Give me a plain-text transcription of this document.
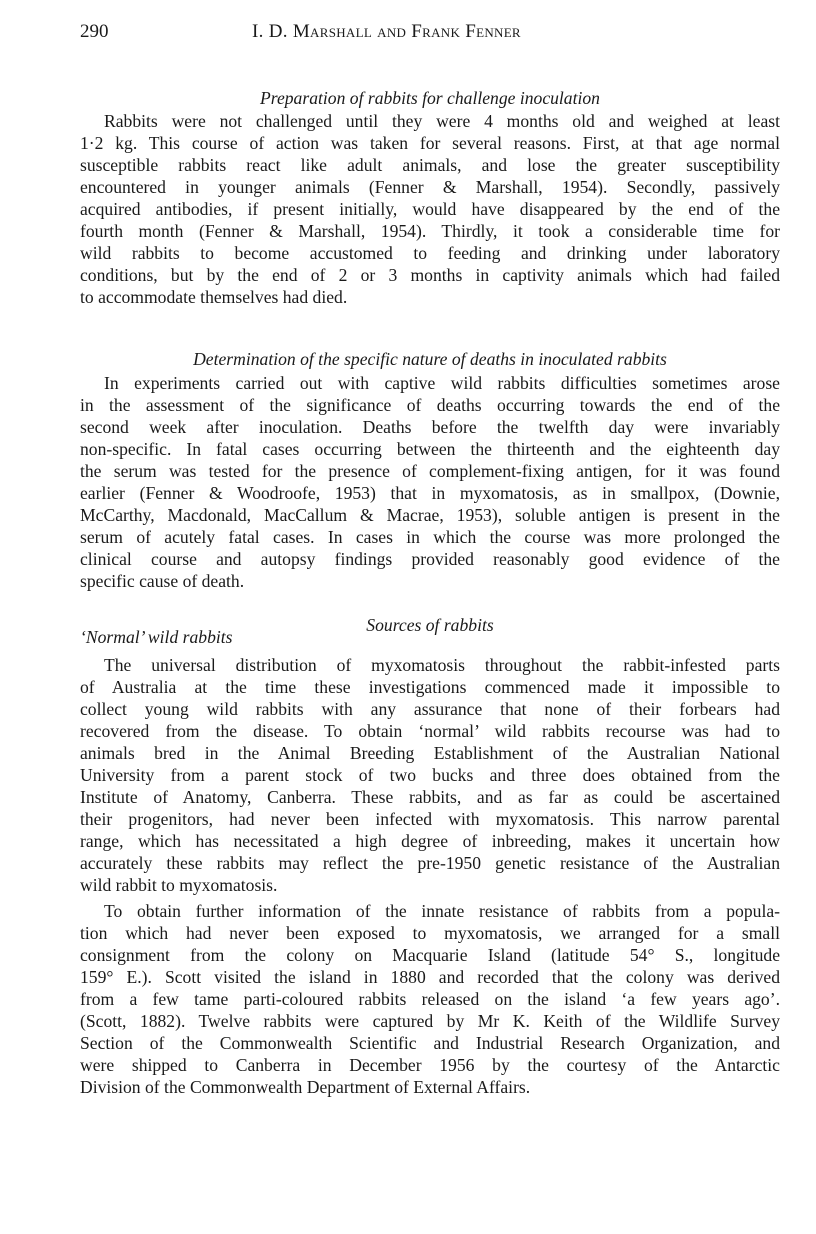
290	I. D. Marshall and Frank Fenner
Preparation of rabbits for challenge inoculation
Rabbits were not challenged until they were 4 months old and weighed at least
1·2 kg. This course of action was taken for several reasons. First, at that age normal
susceptible rabbits react like adult animals, and lose the greater susceptibility
encountered in younger animals (Fenner & Marshall, 1954). Secondly, passively
acquired antibodies, if present initially, would have disappeared by the end of the
fourth month (Fenner & Marshall, 1954). Thirdly, it took a considerable time for
wild rabbits to become accustomed to feeding and drinking under laboratory
conditions, but by the end of 2 or 3 months in captivity animals which had failed
to accommodate themselves had died.
Determination of the specific nature of deaths in inoculated rabbits
In experiments carried out with captive wild rabbits difficulties sometimes arose
in the assessment of the significance of deaths occurring towards the end of the
second week after inoculation. Deaths before the twelfth day were invariably
non-specific. In fatal cases occurring between the thirteenth and the eighteenth day
the serum was tested for the presence of complement-fixing antigen, for it was found
earlier (Fenner & Woodroofe, 1953) that in myxomatosis, as in smallpox, (Downie,
McCarthy, Macdonald, MacCallum & Macrae, 1953), soluble antigen is present in the
serum of acutely fatal cases. In cases in which the course was more prolonged the
clinical course and autopsy findings provided reasonably good evidence of the
specific cause of death.
Sources of rabbits
‘Normal’ wild rabbits
The universal distribution of myxomatosis throughout the rabbit-infested parts
of Australia at the time these investigations commenced made it impossible to
collect young wild rabbits with any assurance that none of their forbears had
recovered from the disease. To obtain ‘normal’ wild rabbits recourse was had to
animals bred in the Animal Breeding Establishment of the Australian National
University from a parent stock of two bucks and three does obtained from the
Institute of Anatomy, Canberra. These rabbits, and as far as could be ascertained
their progenitors, had never been infected with myxomatosis. This narrow parental
range, which has necessitated a high degree of inbreeding, makes it uncertain how
accurately these rabbits may reflect the pre-1950 genetic resistance of the Australian
wild rabbit to myxomatosis.
To obtain further information of the innate resistance of rabbits from a popula-
tion which had never been exposed to myxomatosis, we arranged for a small
consignment from the colony on Macquarie Island (latitude 54° S., longitude
159° E.). Scott visited the island in 1880 and recorded that the colony was derived
from a few tame parti-coloured rabbits released on the island ‘a few years ago’.
(Scott, 1882). Twelve rabbits were captured by Mr K. Keith of the Wildlife Survey
Section of the Commonwealth Scientific and Industrial Research Organization, and
were shipped to Canberra in December 1956 by the courtesy of the Antarctic
Division of the Commonwealth Department of External Affairs.
